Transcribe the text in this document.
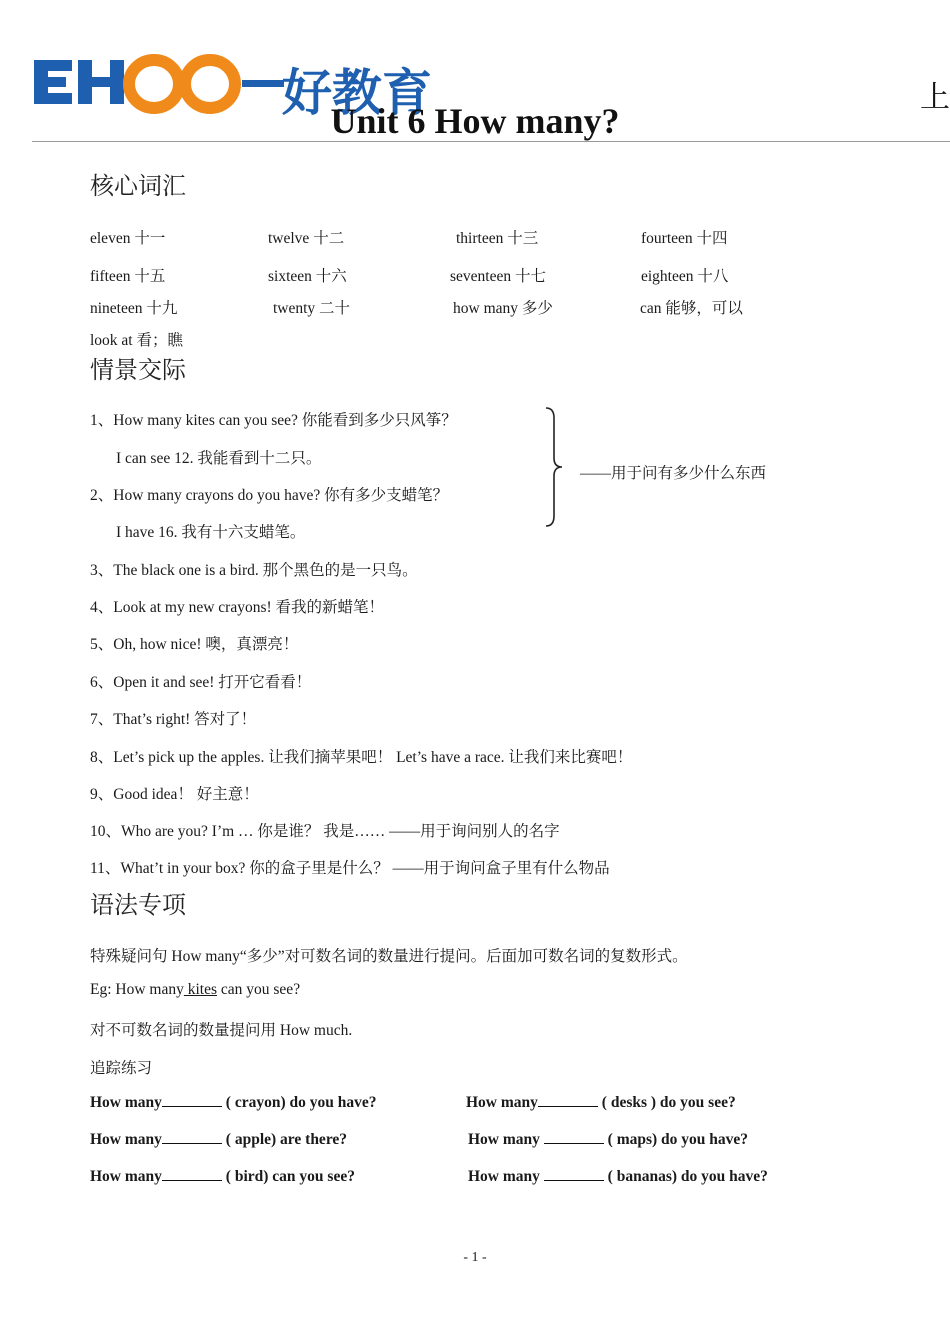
好教育
Unit 6 How many?
上
核心词汇
eleven 十一	twelve 十二	thirteen 十三	fourteen 十四
fifteen 十五	sixteen 十六	seventeen 十七	eighteen 十八
nineteen 十九	twenty 二十	how many 多少	can 能够，可以
look at 看；瞧
情景交际
1、How many kites can you see? 你能看到多少只风筝？
I can see 12. 我能看到十二只。
2、How many crayons do you have? 你有多少支蜡笔？
I have 16. 我有十六支蜡笔。
——用于问有多少什么东西
3、The black one is a bird. 那个黑色的是一只鸟。
4、Look at my new crayons! 看我的新蜡笔！
5、Oh, how nice! 噢，真漂亮！
6、Open it and see! 打开它看看！
7、That’s right! 答对了！
8、Let’s pick up the apples. 让我们摘苹果吧！ Let’s have a race. 让我们来比赛吧！
9、Good idea！ 好主意！
10、Who are you? I’m … 你是谁？ 我是…… ——用于询问别人的名字
11、What’t in your box? 你的盒子里是什么？ ——用于询问盒子里有什么物品
语法专项
特殊疑问句 How many“多少”对可数名词的数量进行提问。后面加可数名词的复数形式。
Eg: How many kites can you see?
对不可数名词的数量提问用 How much.
追踪练习
How many	( crayon) do you have?	How many	( desks ) do you see?
How many	( apple) are there?	How many	( maps) do you have?
How many	( bird) can you see?	How many	( bananas) do you have?
- 1 -
